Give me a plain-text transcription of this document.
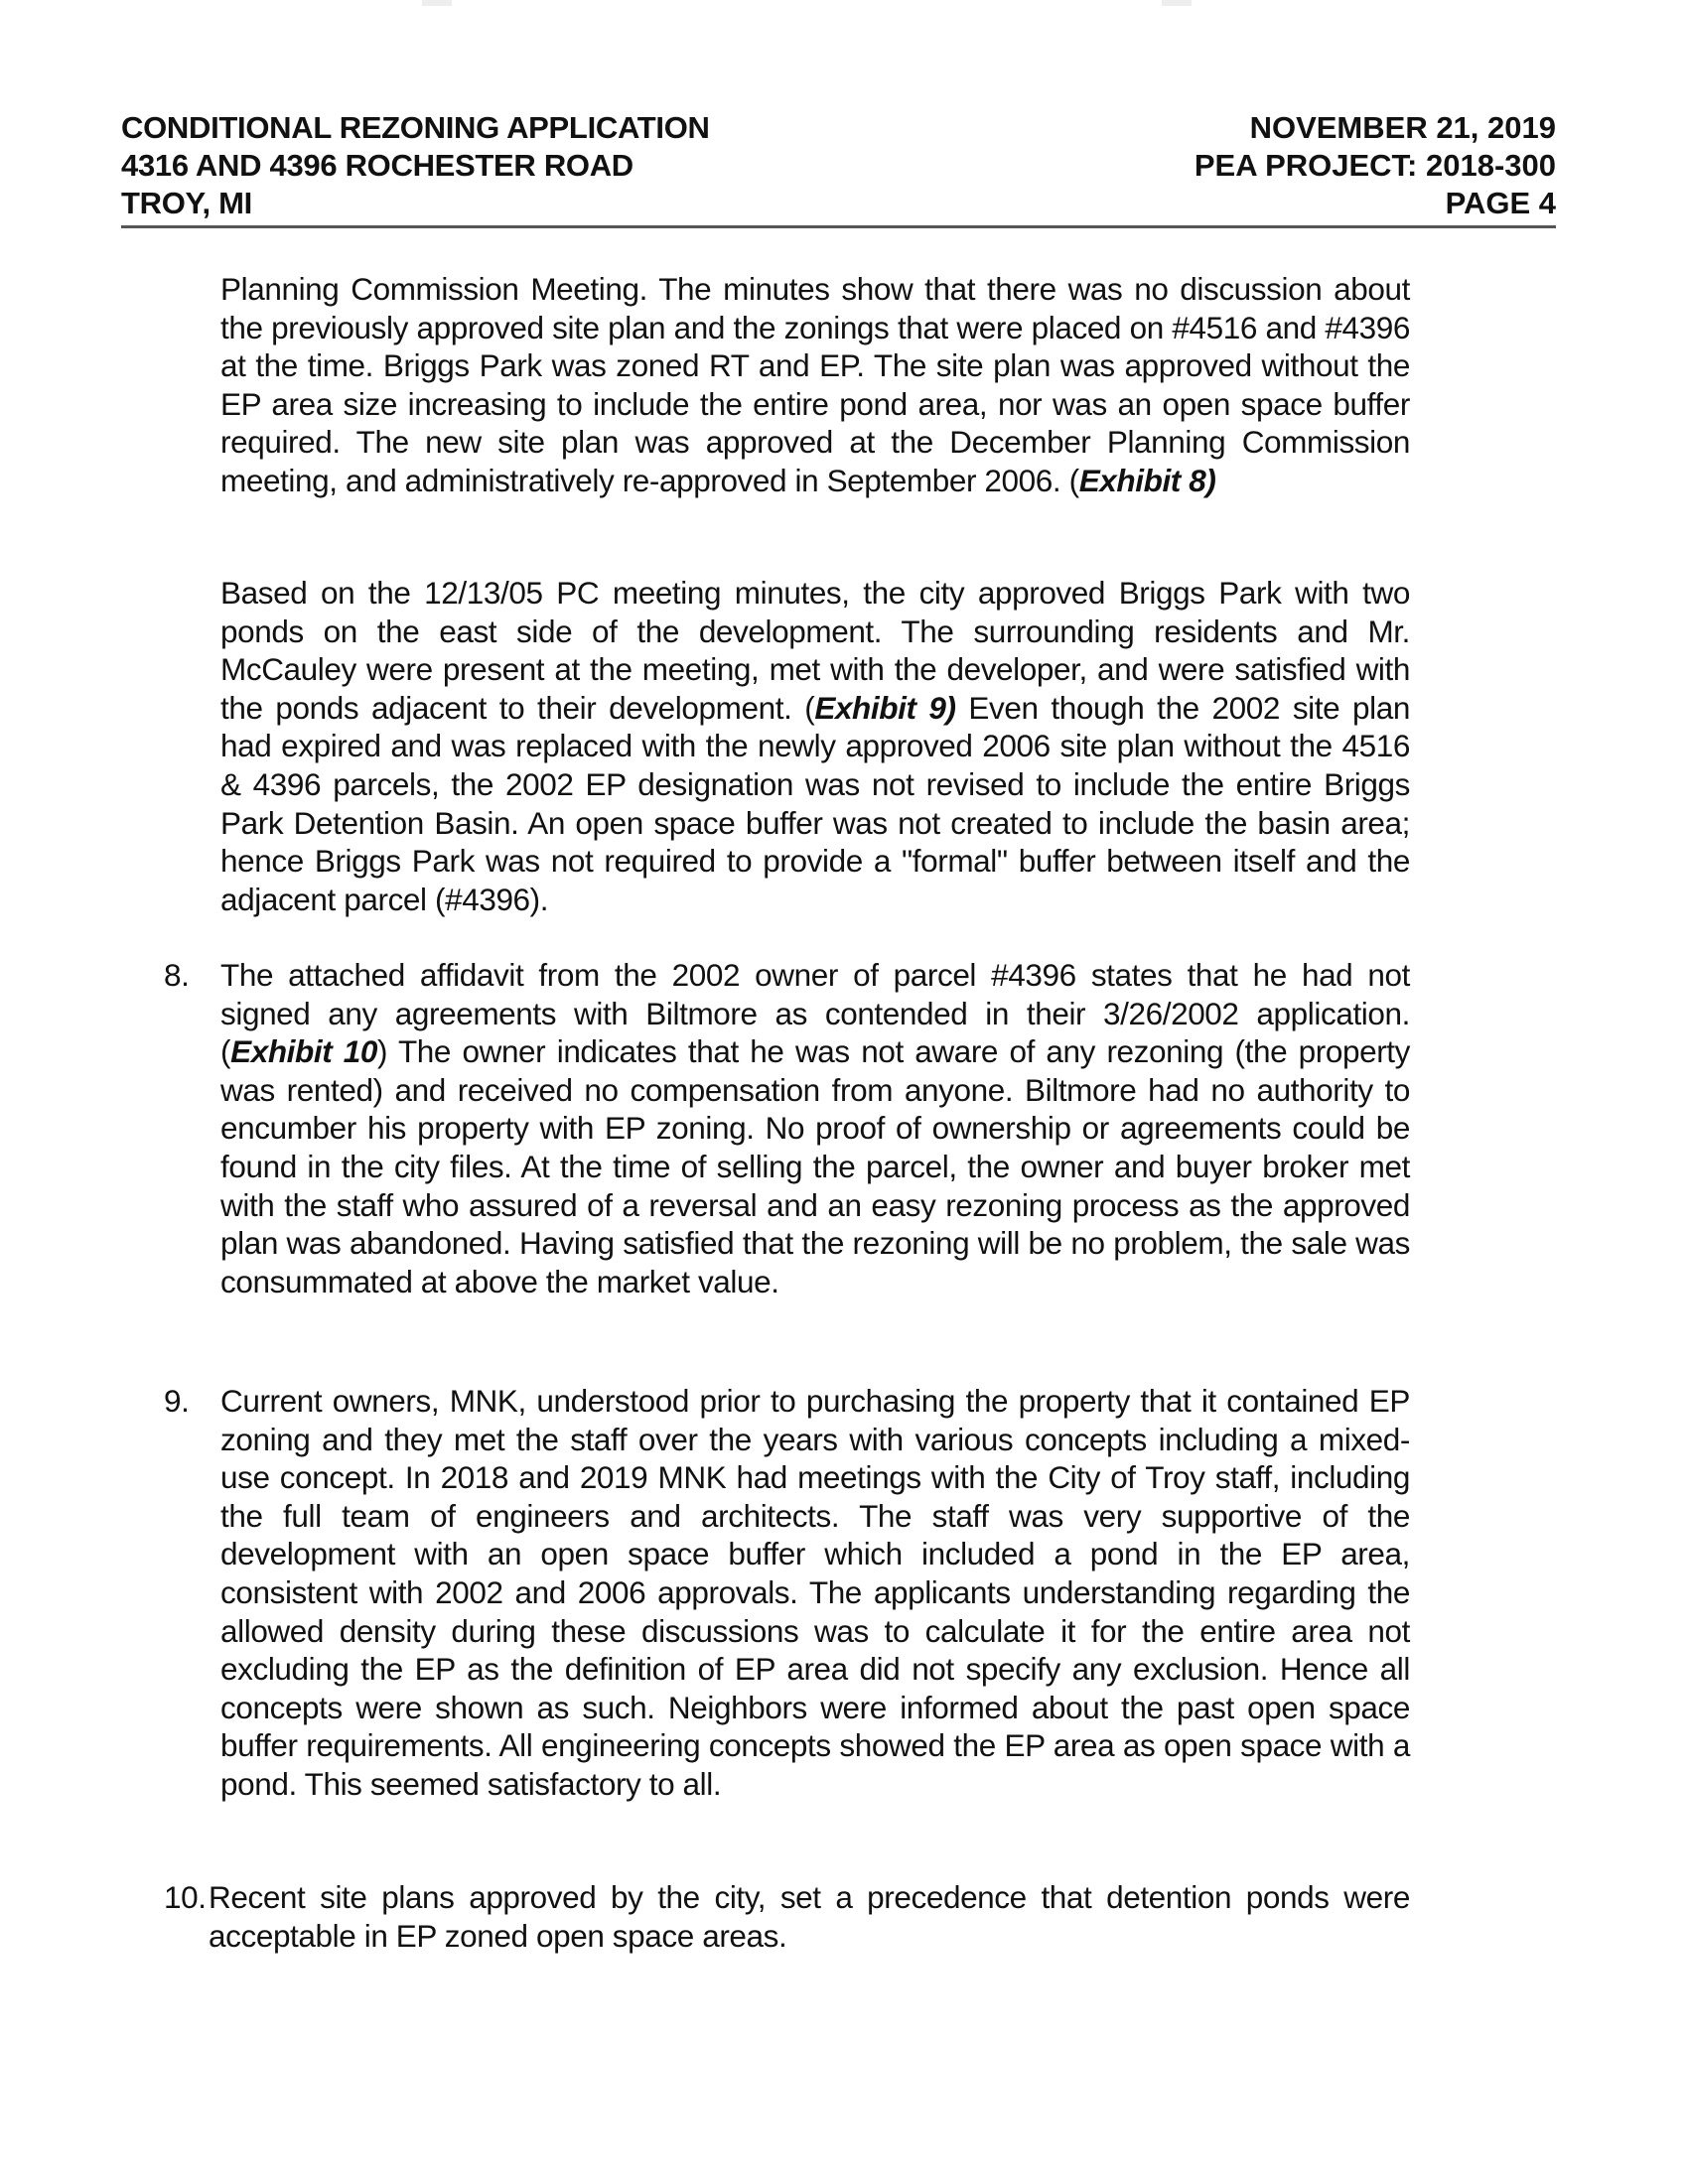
CONDITIONAL REZONING APPLICATION
4316 AND 4396 ROCHESTER ROAD
TROY, MI
NOVEMBER 21, 2019
PEA PROJECT: 2018-300
PAGE 4

Planning Commission Meeting. The minutes show that there was no discussion about the previously approved site plan and the zonings that were placed on #4516 and #4396 at the time. Briggs Park was zoned RT and EP. The site plan was approved without the EP area size increasing to include the entire pond area, nor was an open space buffer required. The new site plan was approved at the December Planning Commission meeting, and administratively re-approved in September 2006. (Exhibit 8)

Based on the 12/13/05 PC meeting minutes, the city approved Briggs Park with two ponds on the east side of the development. The surrounding residents and Mr. McCauley were present at the meeting, met with the developer, and were satisfied with the ponds adjacent to their development. (Exhibit 9) Even though the 2002 site plan had expired and was replaced with the newly approved 2006 site plan without the 4516 & 4396 parcels, the 2002 EP designation was not revised to include the entire Briggs Park Detention Basin. An open space buffer was not created to include the basin area; hence Briggs Park was not required to provide a "formal" buffer between itself and the adjacent parcel (#4396).

8. The attached affidavit from the 2002 owner of parcel #4396 states that he had not signed any agreements with Biltmore as contended in their 3/26/2002 application. (Exhibit 10) The owner indicates that he was not aware of any rezoning (the property was rented) and received no compensation from anyone. Biltmore had no authority to encumber his property with EP zoning. No proof of ownership or agreements could be found in the city files. At the time of selling the parcel, the owner and buyer broker met with the staff who assured of a reversal and an easy rezoning process as the approved plan was abandoned. Having satisfied that the rezoning will be no problem, the sale was consummated at above the market value.
9. Current owners, MNK, understood prior to purchasing the property that it contained EP zoning and they met the staff over the years with various concepts including a mixed-use concept. In 2018 and 2019 MNK had meetings with the City of Troy staff, including the full team of engineers and architects. The staff was very supportive of the development with an open space buffer which included a pond in the EP area, consistent with 2002 and 2006 approvals. The applicants understanding regarding the allowed density during these discussions was to calculate it for the entire area not excluding the EP as the definition of EP area did not specify any exclusion. Hence all concepts were shown as such. Neighbors were informed about the past open space buffer requirements. All engineering concepts showed the EP area as open space with a pond. This seemed satisfactory to all.
10. Recent site plans approved by the city, set a precedence that detention ponds were acceptable in EP zoned open space areas.
